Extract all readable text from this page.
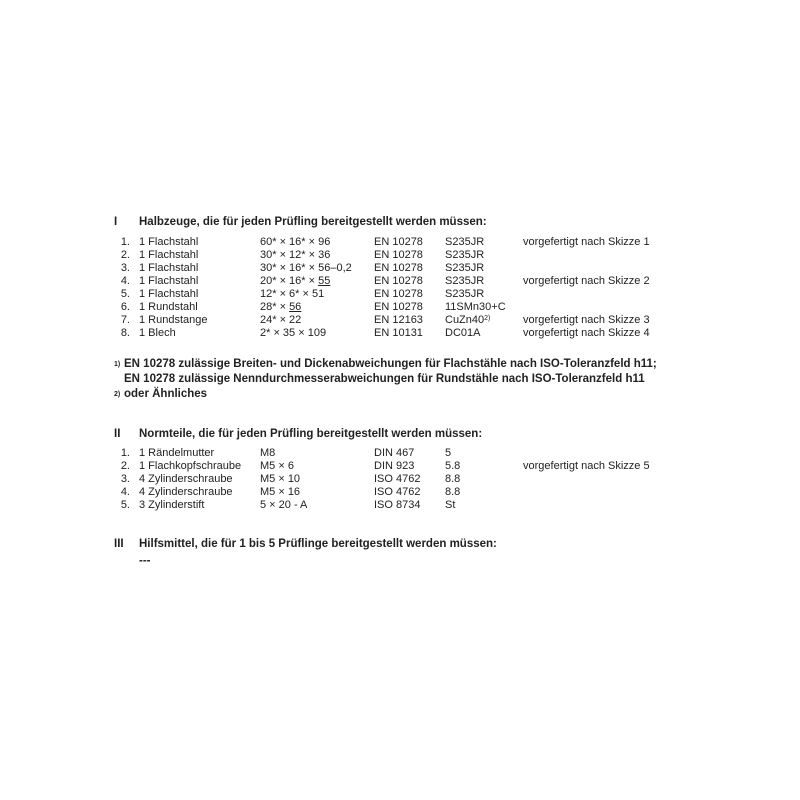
I Halbzeuge, die für jeden Prüfling bereitgestellt werden müssen:
1. 1 Flachstahl	60* × 16* × 96	EN 10278 S235JR	vorgefertigt nach Skizze 1
2. 1 Flachstahl	30* × 12* × 36	EN 10278 S235JR
3. 1 Flachstahl	30* × 16* × 56–0,2 EN 10278 S235JR
4. 1 Flachstahl	20* × 16* × 55	EN 10278 S235JR	vorgefertigt nach Skizze 2
5. 1 Flachstahl	12* × 6* × 51	EN 10278 S235JR
6. 1 Rundstahl	28* × 56	EN 10278 11SMn30+C
7. 1 Rundstange	24* × 22	EN 12163 CuZn40$^{2)}$	vorgefertigt nach Skizze 3
8. 1 Blech	2* × 35 × 109	EN 10131 DC01A	vorgefertigt nach Skizze 4
1) EN 10278 zulässige Breiten- und Dickenabweichungen für Flachstähle nach ISO-Toleranzfeld h11;
EN 10278 zulässige Nenndurchmesserabweichungen für Rundstähle nach ISO-Toleranzfeld h11
2) oder Ähnliches
II Normteile, die für jeden Prüfling bereitgestellt werden müssen:
1. 1 Rändelmutter	M8	DIN 467	5
2. 1 Flachkopfschraube M5 × 6	DIN 923	5.8	vorgefertigt nach Skizze 5
3. 4 Zylinderschraube M5 × 10	ISO 4762 8.8
4. 4 Zylinderschraube M5 × 16	ISO 4762 8.8
5. 3 Zylinderstift	5 × 20 - A	ISO 8734 St
III Hilfsmittel, die für 1 bis 5 Prüflinge bereitgestellt werden müssen:
---
